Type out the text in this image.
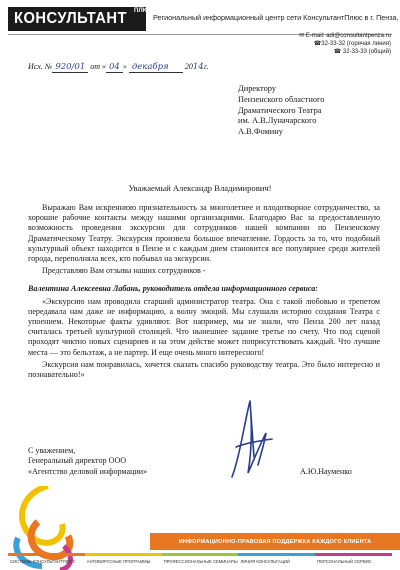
КОНСУЛЬТАНТ ПЛЮС
Региональный информационный центр сети КонсультантПлюс в г. Пенза,
✉ E-mail: adi@consultantpenza.ru
☎32-33-32 (горячая линия)
☎ 32-33-33 (общий)
Исх. № 920/01 от « 04 » декабря 2014г.
Директору
Пензенского областного
Драматического Театра
им. А.В.Луначарского
А.В.Фомину
Уважаемый Александр Владимирович!

Выражаю Вам искреннюю признательность за многолетнее и плодотворное сотрудничество, за хорошие рабочие контакты между нашими организациями. Благодарю Вас за предоставленную возможность проведения экскурсии для сотрудников нашей компании по Пензенскому Драматическому Театру. Экскурсия произвела большое впечатление. Гордость за то, что подобный культурный объект находится в Пензе и с каждым днем становится все популярнее среди жителей города, переполняла всех, кто побывал на экскурсии.

Представляю Вам отзывы наших сотрудников -

Валентина Алексеевна Лабань, руководитель отдела информационного сервиса:

«Экскурсию нам проводила старший администратор театра. Она с такой любовью и трепетом передавала нам даже не информацию, а волну эмоций. Мы слушали историю создания Театра с упоением. Некоторые факты удивляют. Вот например, мы не знали, что Пенза 200 лет назад считалась третьей культурной столицей. Что нынешнее задание третье по счету. Что под сценой проходят чиктно новых сценариев и на этом действе может поприсутствовать каждый. Что лучшие места — это бельэтаж, а не партер. И еще очень много интересного!

Экскурсия нам понравилась, хочется сказать спасибо руководству театра. Это было интересно и познавательно!»

С уважением,
Генеральный директор ООО
«Агентство деловой информации»	А.Ю.Науменко
ИНФОРМАЦИОННО-ПРАВОВАЯ ПОДДЕРЖКА КАЖДОГО КЛИЕНТА
СИСТЕМЫ КОНСУЛЬТАНТПЛЮС	АНТИВИРУСНЫЕ ПРОГРАММЫ	ПРОФЕССИОНАЛЬНЫЕ СЕМИНАРЫ ЛИНИЯ КОНСУЛЬТАЦИЙ	ПЕРСОНАЛЬНЫЙ СЕРВИС
